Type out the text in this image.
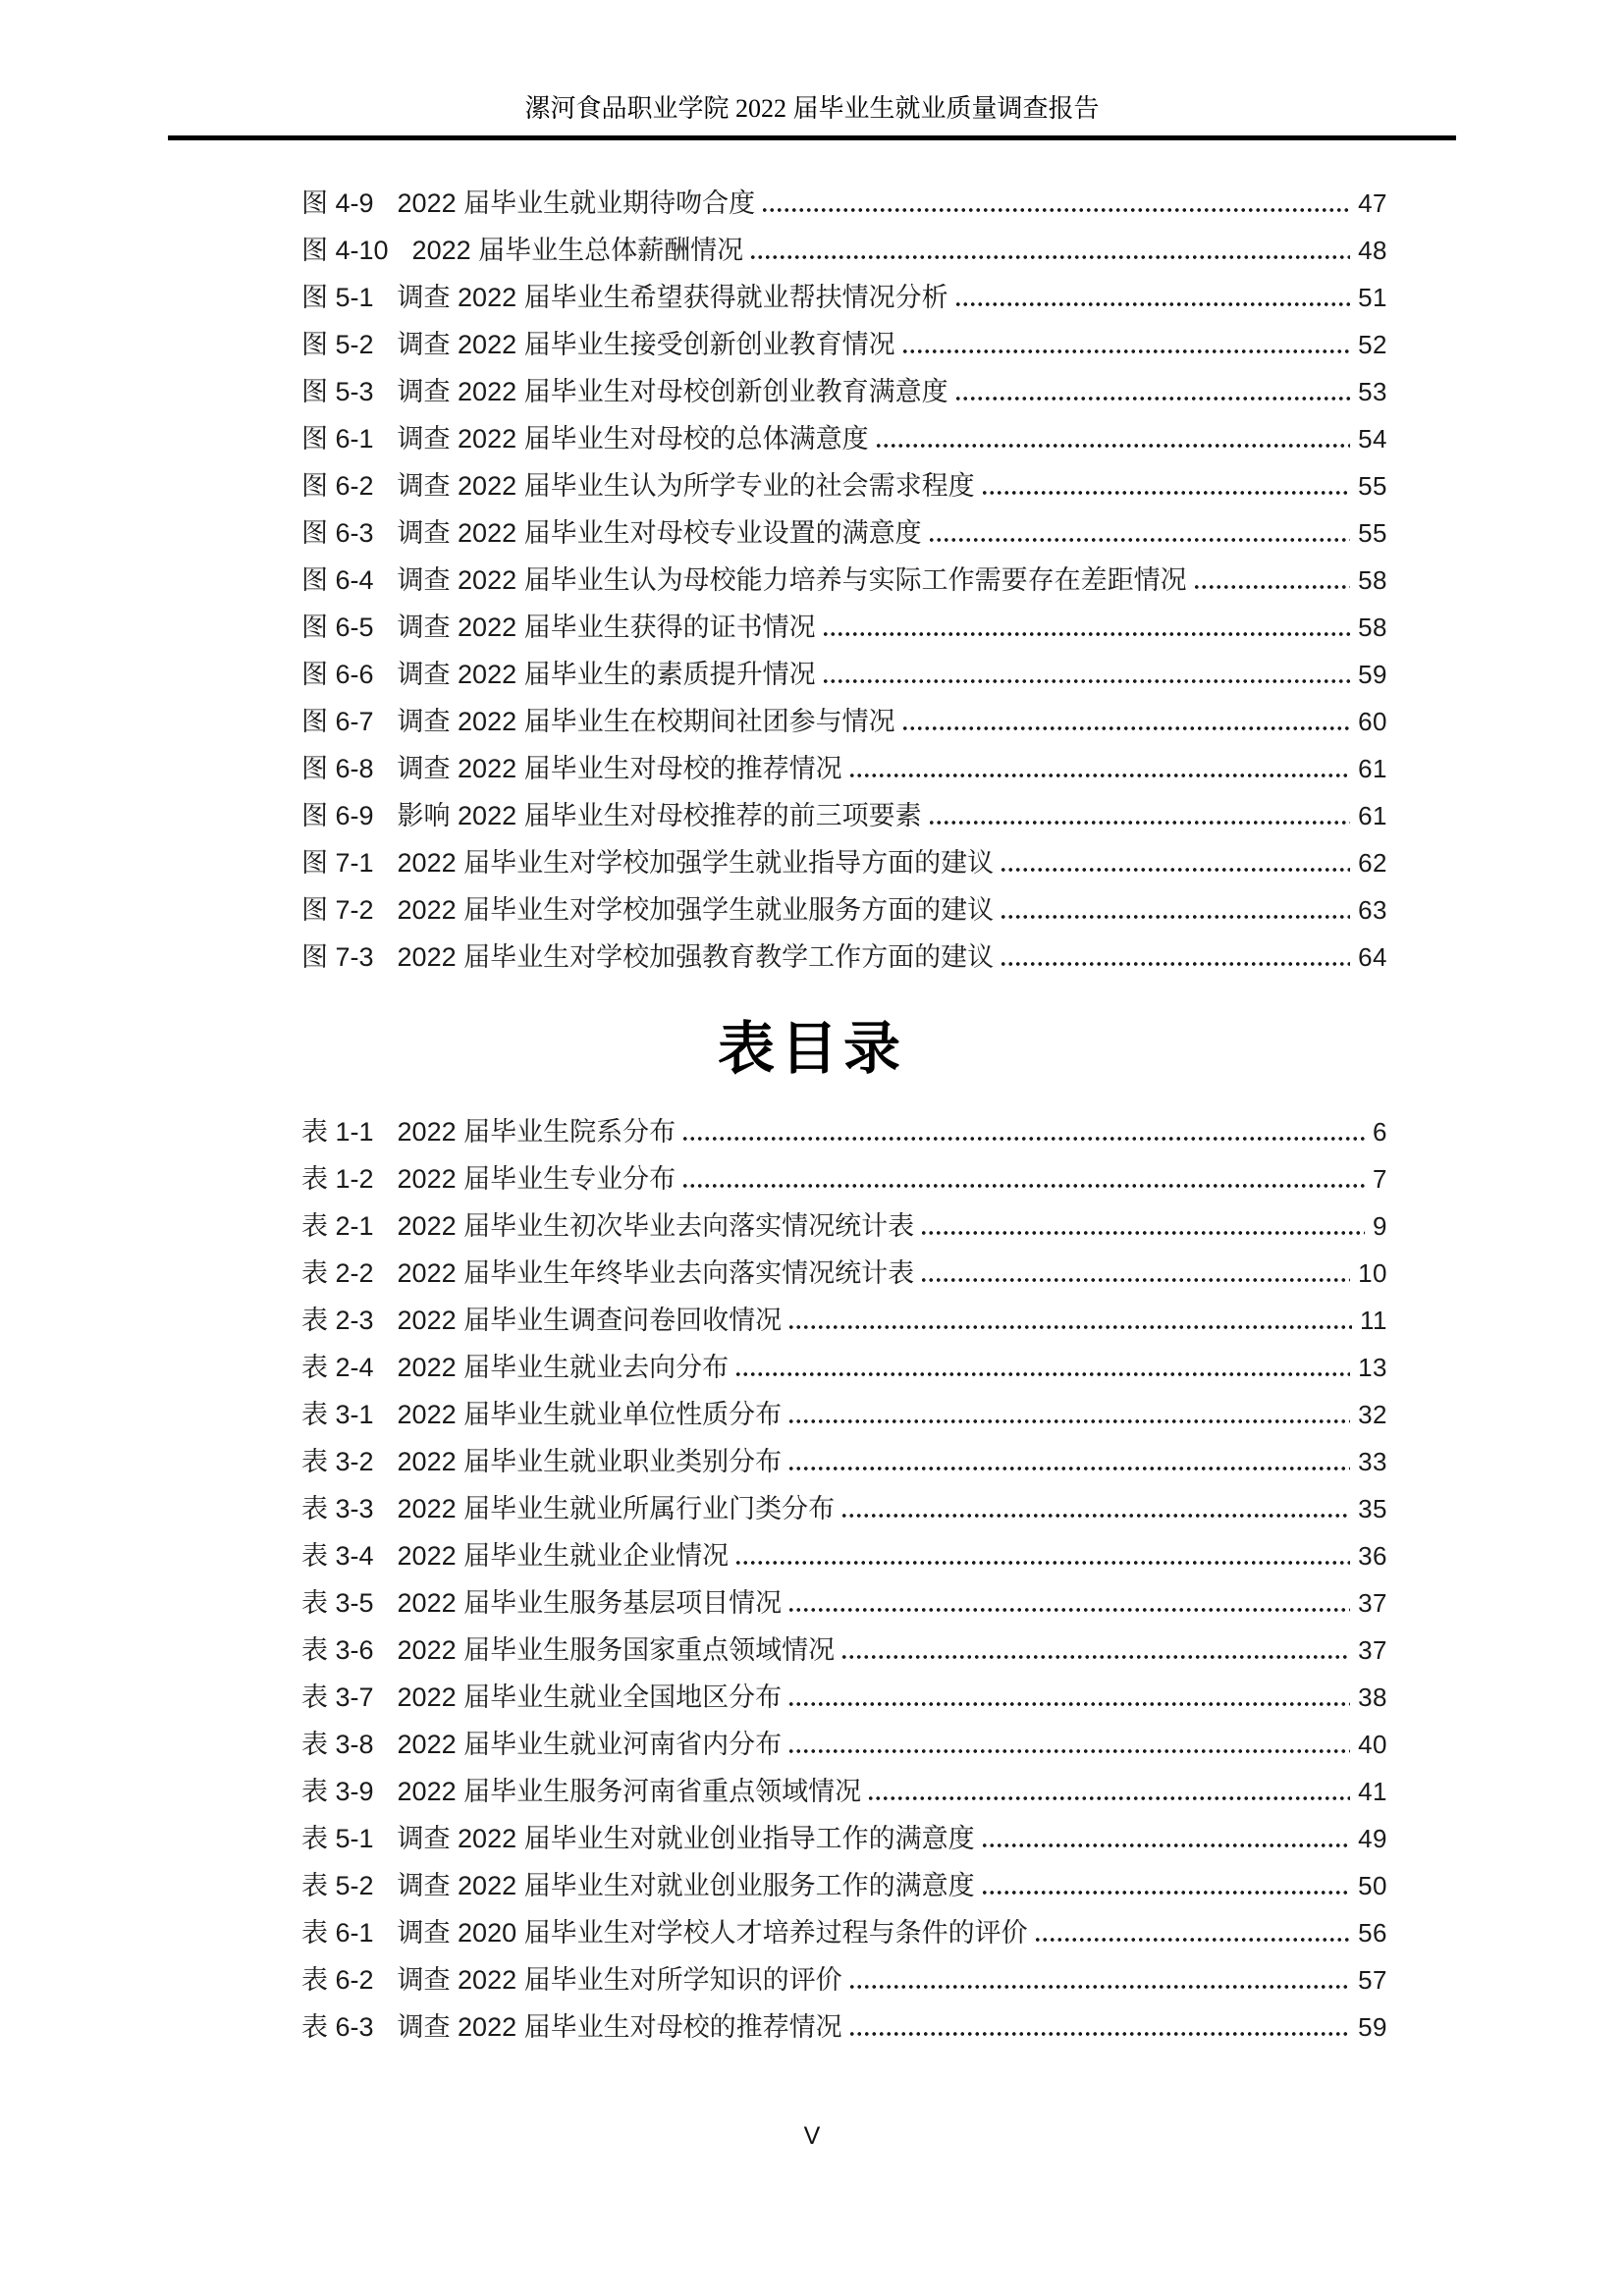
漯河食品职业学院 2022 届毕业生就业质量调查报告
图 4-9 2022 届毕业生就业期待吻合度	47
图 4-10 2022 届毕业生总体薪酬情况	48
图 5-1 调查 2022 届毕业生希望获得就业帮扶情况分析	51
图 5-2 调查 2022 届毕业生接受创新创业教育情况	52
图 5-3 调查 2022 届毕业生对母校创新创业教育满意度	53
图 6-1 调查 2022 届毕业生对母校的总体满意度	54
图 6-2 调查 2022 届毕业生认为所学专业的社会需求程度	55
图 6-3 调查 2022 届毕业生对母校专业设置的满意度	55
图 6-4 调查 2022 届毕业生认为母校能力培养与实际工作需要存在差距情况	58
图 6-5 调查 2022 届毕业生获得的证书情况	58
图 6-6 调查 2022 届毕业生的素质提升情况	59
图 6-7 调查 2022 届毕业生在校期间社团参与情况	60
图 6-8 调查 2022 届毕业生对母校的推荐情况	61
图 6-9 影响 2022 届毕业生对母校推荐的前三项要素	61
图 7-1 2022 届毕业生对学校加强学生就业指导方面的建议	62
图 7-2 2022 届毕业生对学校加强学生就业服务方面的建议	63
图 7-3 2022 届毕业生对学校加强教育教学工作方面的建议	64
表目录
表 1-1 2022 届毕业生院系分布	6
表 1-2 2022 届毕业生专业分布	7
表 2-1 2022 届毕业生初次毕业去向落实情况统计表	9
表 2-2 2022 届毕业生年终毕业去向落实情况统计表	10
表 2-3 2022 届毕业生调查问卷回收情况	11
表 2-4 2022 届毕业生就业去向分布	13
表 3-1 2022 届毕业生就业单位性质分布	32
表 3-2 2022 届毕业生就业职业类别分布	33
表 3-3 2022 届毕业生就业所属行业门类分布	35
表 3-4 2022 届毕业生就业企业情况	36
表 3-5 2022 届毕业生服务基层项目情况	37
表 3-6 2022 届毕业生服务国家重点领域情况	37
表 3-7 2022 届毕业生就业全国地区分布	38
表 3-8 2022 届毕业生就业河南省内分布	40
表 3-9 2022 届毕业生服务河南省重点领域情况	41
表 5-1 调查 2022 届毕业生对就业创业指导工作的满意度	49
表 5-2 调查 2022 届毕业生对就业创业服务工作的满意度	50
表 6-1 调查 2020 届毕业生对学校人才培养过程与条件的评价	56
表 6-2 调查 2022 届毕业生对所学知识的评价	57
表 6-3 调查 2022 届毕业生对母校的推荐情况	59
V
